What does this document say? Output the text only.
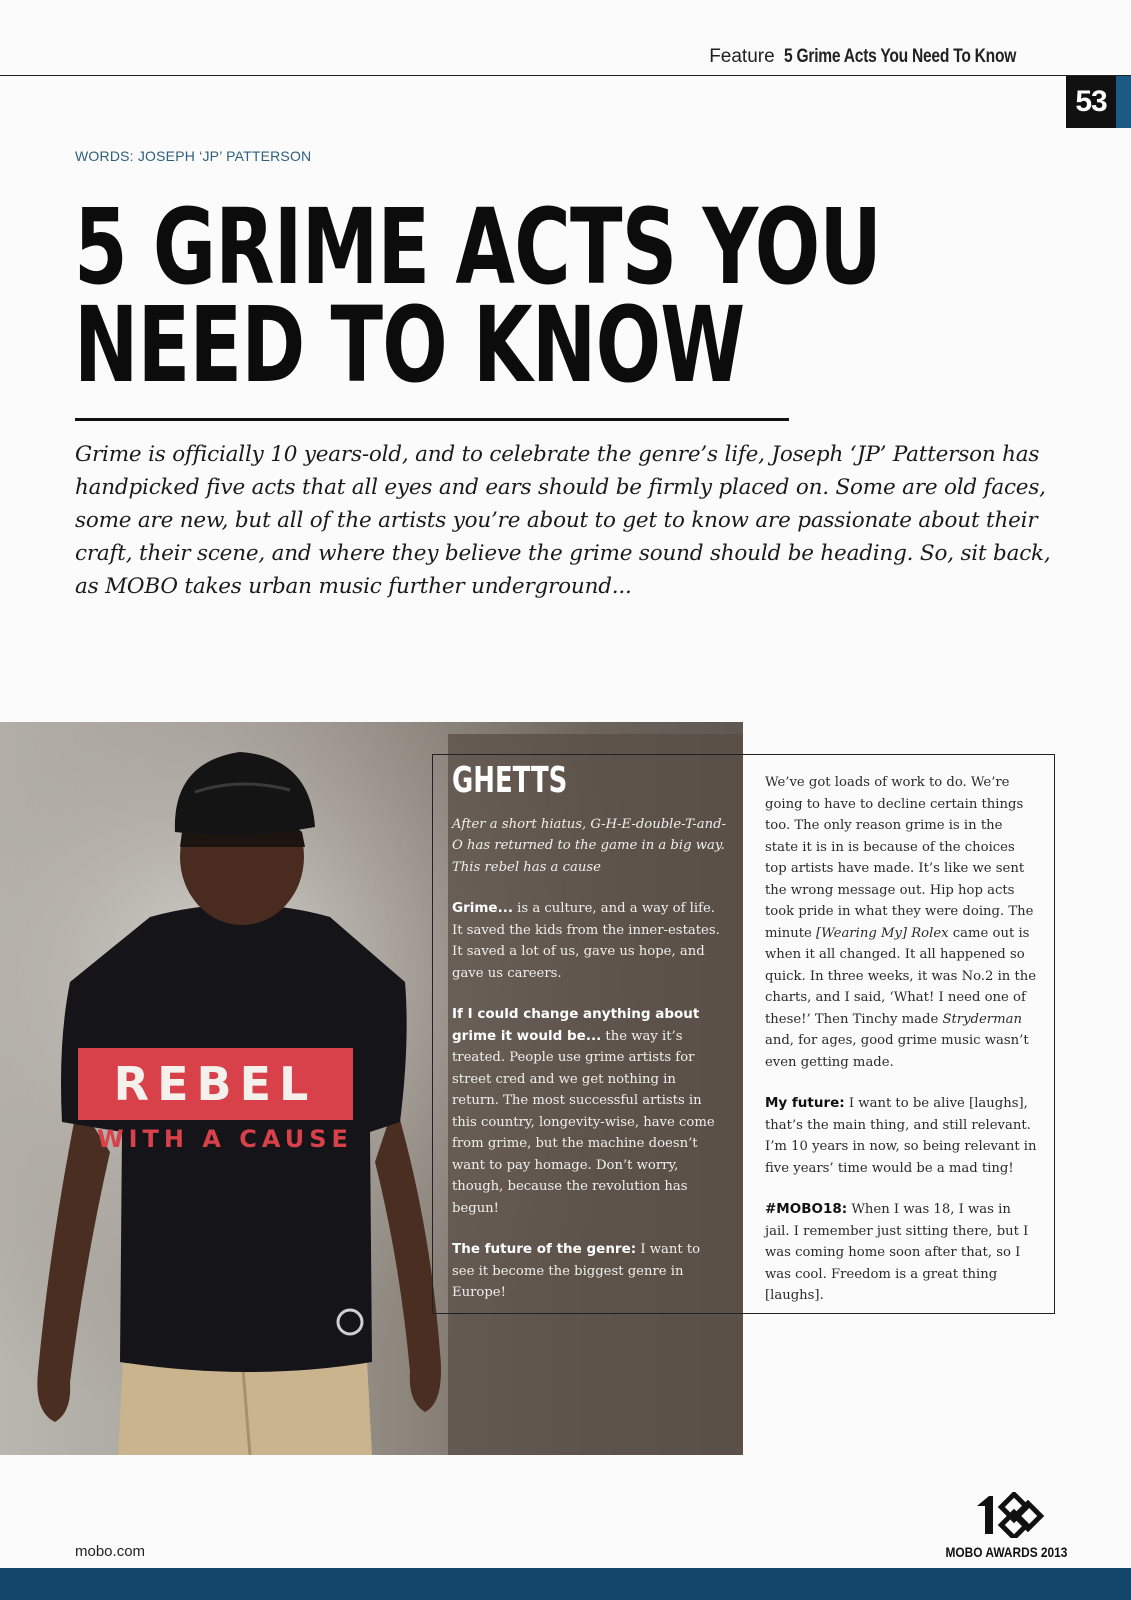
Feature 5 Grime Acts You Need To Know
53
WORDS: JOSEPH ‘JP’ PATTERSON
5 GRIME ACTS YOU
NEED TO KNOW
Grime is officially 10 years-old, and to celebrate the genre’s life, Joseph ‘JP’ Patterson has handpicked five acts that all eyes and ears should be firmly placed on. Some are old faces, some are new, but all of the artists you’re about to get to know are passionate about their craft, their scene, and where they believe the grime sound should be heading. So, sit back, as MOBO takes urban music further underground...
REBEL
WITH A CAUSE
GHETTS

After a short hiatus, G-H-E-double-T-and-O has returned to the game in a big way. This rebel has a cause

Grime... is a culture, and a way of life. It saved the kids from the inner-estates. It saved a lot of us, gave us hope, and gave us careers.

If I could change anything about grime it would be... the way it’s treated. People use grime artists for street cred and we get nothing in return. The most successful artists in this country, longevity-wise, have come from grime, but the machine doesn’t want to pay homage. Don’t worry, though, because the revolution has begun!

The future of the genre: I want to see it become the biggest genre in Europe!

We’ve got loads of work to do. We’re going to have to decline certain things too. The only reason grime is in the state it is in is because of the choices top artists have made. It’s like we sent the wrong message out. Hip hop acts took pride in what they were doing. The minute [Wearing My] Rolex came out is when it all changed. It all happened so quick. In three weeks, it was No.2 in the charts, and I said, ‘What! I need one of these!’ Then Tinchy made Stryderman and, for ages, good grime music wasn’t even getting made.

My future: I want to be alive [laughs], that’s the main thing, and still relevant. I’m 10 years in now, so being relevant in five years’ time would be a mad ting!

#MOBO18: When I was 18, I was in jail. I remember just sitting there, but I was coming home soon after that, so I was cool. Freedom is a great thing [laughs].

mobo.com	MOBO AWARDS 2013
